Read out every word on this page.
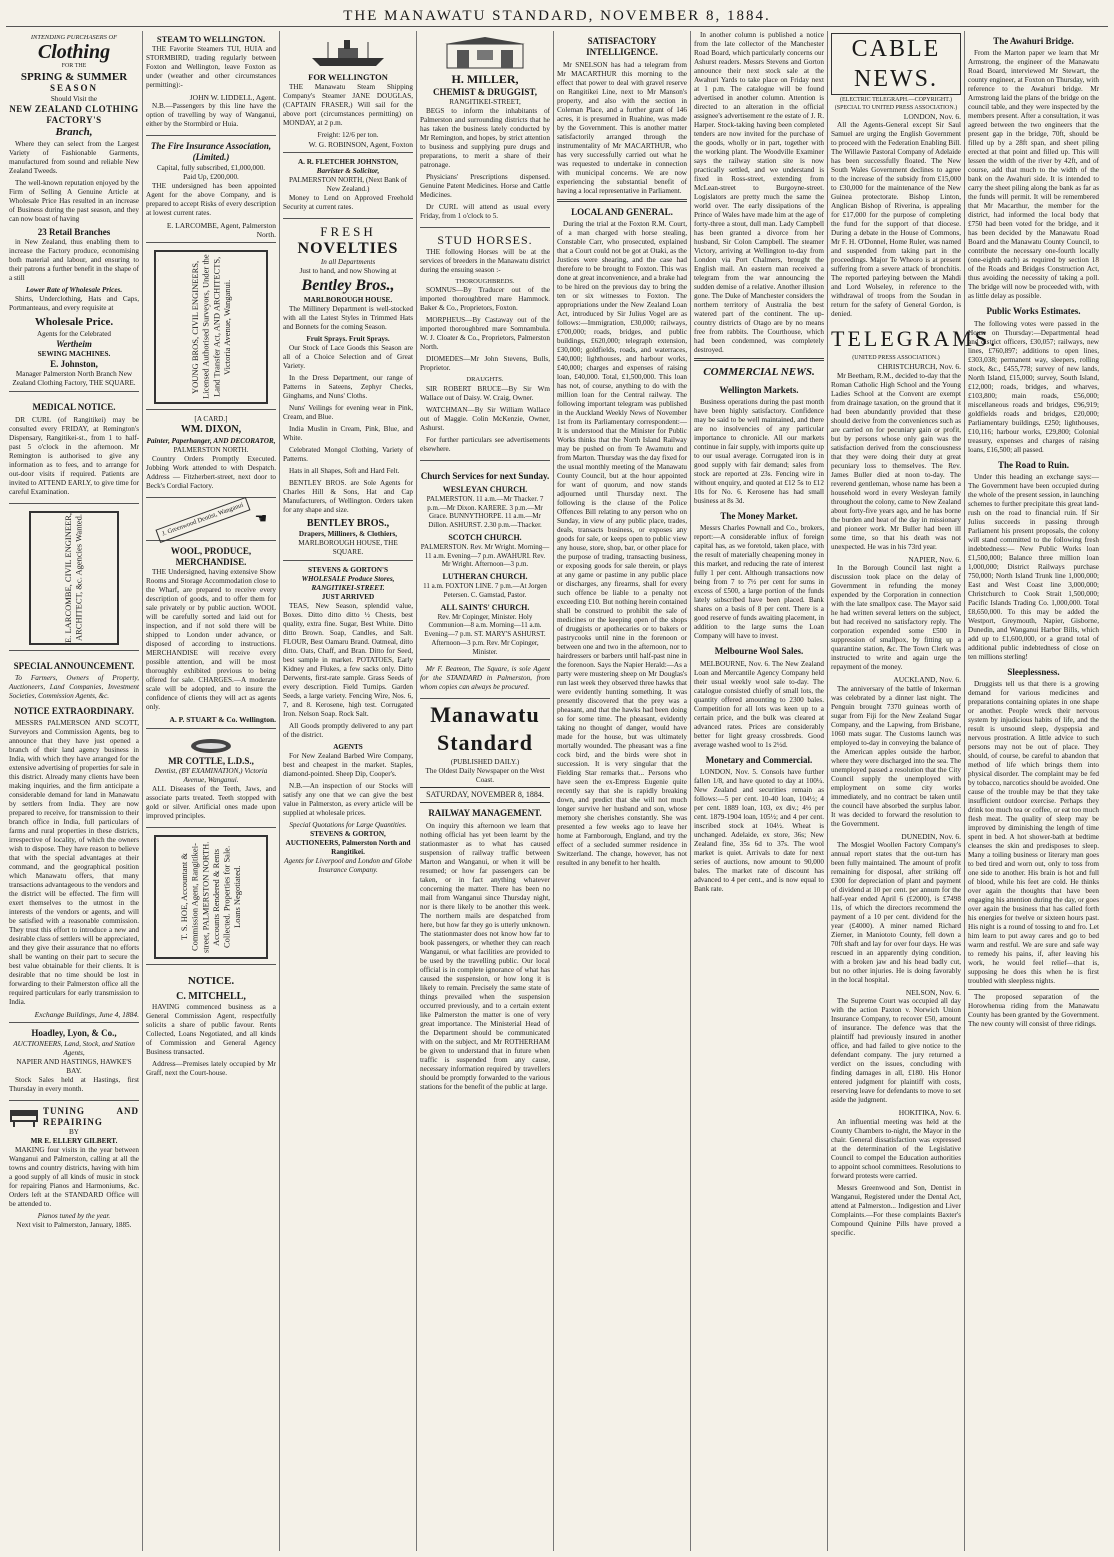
THE MANAWATU STANDARD, NOVEMBER 8, 1884.
INTENDING PURCHASERS OF
Clothing
FOR THE
SPRING & SUMMER
SEASON
Should Visit the
NEW ZEALAND CLOTHING FACTORY'S
Branch,

Where they can select from the Largest Variety of Fashionable Garments, manufactured from sound and reliable New Zealand Tweeds.

The well-known reputation enjoyed by the Firm of Selling A Genuine Article at Wholesale Price Has resulted in an increase of Business during the past season, and they can now boast of having

23 Retail Branches

in New Zealand, thus enabling them to increase the Factory produce, economising both material and labour, and ensuring to their patrons a further benefit in the shape of a still

Lower Rate of Wholesale Prices.

Shirts, Underclothing, Hats and Caps, Portmanteaus, and every requisite at

Wholesale Price.
Agents for the Celebrated
Wertheim
SEWING MACHINES.
E. Johnston,
Manager Palmerston North Branch New Zealand Clothing Factory, THE SQUARE.
MEDICAL NOTICE.

DR CURL (of Rangitikei) may be consulted every FRIDAY, at Remington's Dispensary, Rangitikei-st., from 1 to half-past 5 o'clock in the afternoon. Mr Remington is authorised to give any information as to fees, and to arrange for out-door visits if required. Patients are invited to ATTEND EARLY, to give time for careful Examination.

E. LARCOMBE, CIVIL ENGINEER, ARCHITECT, &c. Agencies Wanted.
SPECIAL ANNOUNCEMENT.

To Farmers, Owners of Property, Auctioneers, Land Companies, Investment Societies, Commission Agents, &c.

NOTICE EXTRAORDINARY.

MESSRS PALMERSON AND SCOTT, Surveyors and Commission Agents, beg to announce that they have just opened a branch of their land agency business in India, with which they have arranged for the extensive advertising of properties for sale in this district. Already many clients have been making inquiries, and the firm anticipate a considerable demand for land in Manawatu by settlers from India. They are now prepared to receive, for transmission to their branch office in India, full particulars of farms and rural properties in these districts, irrespective of locality, of which the owners wish to dispose. They have reason to believe that with the special advantages at their command, and the geographical position which Manawatu offers, that many transactions advantageous to the vendors and the district will be effected. The firm will exert themselves to the utmost in the interests of the vendors or agents, and will be satisfied with a reasonable commission. They trust this effort to introduce a new and desirable class of settlers will be appreciated, and they give their assurance that no efforts shall be wanting on their part to secure the best value obtainable for their clients. It is desirable that no time should be lost in forwarding to their Palmerston office all the required particulars for early transmission to India.

Exchange Buildings, June 4, 1884.
Hoadley, Lyon, & Co.,
AUCTIONEERS, Land, Stock, and Station Agents,
NAPIER AND HASTINGS, HAWKE'S BAY.

Stock Sales held at Hastings, first Thursday in every month.

TUNING AND REPAIRING
BY
MR E. ELLERY GILBERT.

MAKING four visits in the year between Wanganui and Palmerston, calling at all the towns and country districts, having with him a good supply of all kinds of music in stock for repairing Pianos and Harmoniums, &c. Orders left at the STANDARD Office will be attended to.

Pianos tuned by the year.
Next visit to Palmerston, January, 1885.
STEAM TO WELLINGTON.

THE Favorite Steamers TUI, HUIA and STORMBIRD, trading regularly between Foxton and Wellington, leave Foxton as under (weather and other circumstances permitting):-

JOHN W. LIDDELL, Agent.

N.B.—Passengers by this line have the option of travelling by way of Wanganui, either by the Stormbird or Huia.

The Fire Insurance Association, (Limited.)
Capital, fully subscribed, £1,000,000.
Paid Up, £200,000.

THE undersigned has been appointed Agent for the above Company, and is prepared to accept Risks of every description at lowest current rates.

E. LARCOMBE, Agent, Palmerston North.
YOUNG BROS, CIVIL ENGINEERS, Licensed Authorised Surveyors, Under the Land Transfer Act, AND ARCHITECTS, Victoria Avenue, Wanganui.
[A CARD.]
WM. DIXON,
Painter, Paperhanger, AND DECORATOR,
PALMERSTON NORTH.

Country Orders Promptly Executed. Jobbing Work attended to with Despatch. Address — Fitzherbert-street, next door to Beck's Cordial Factory.

J. Greenwood Dentist, Wanganui ☚
WOOL, PRODUCE, MERCHANDISE.

THE Undersigned, having extensive Show Rooms and Storage Accommodation close to the Wharf, are prepared to receive every description of goods, and to offer them for sale privately or by public auction. WOOL will be carefully sorted and laid out for inspection, and if not sold there will be shipped to London under advance, or disposed of according to instructions. MERCHANDISE will receive every possible attention, and will be most thoroughly exhibited previous to being offered for sale. CHARGES.—A moderate scale will be adopted, and to insure the confidence of clients they will act as agents only.

A. P. STUART & Co. Wellington.
MR COTTLE, L.D.S.,
Dentist, (BY EXAMINATION,) Victoria Avenue, Wanganui.

ALL Diseases of the Teeth, Jaws, and associate parts treated. Teeth stopped with gold or silver. Artificial ones made upon improved principles.

T. S. HOE, Accountant & Commission Agent, Rangitikei-street, PALMERSTON NORTH. Accounts Rendered & Rents Collected. Properties for Sale. Loans Negotiated.
NOTICE.
C. MITCHELL,

HAVING commenced business as a General Commission Agent, respectfully solicits a share of public favour. Rents Collected, Loans Negotiated, and all kinds of Commission and General Agency Business transacted.

Address—Premises lately occupied by Mr Graff, next the Court-house.

FOR WELLINGTON

THE Manawatu Steam Shipping Company's Steamer JANE DOUGLAS, (CAPTAIN FRASER,) Will sail for the above port (circumstances permitting) on MONDAY, at 2 p.m.

Freight: 12/6 per ton.
W. G. ROBINSON, Agent, Foxton
A. R. FLETCHER JOHNSTON,
Barrister & Solicitor,
PALMERSTON NORTH, (Next Bank of New Zealand.)

Money to Lend on Approved Freehold Security at current rates.

FRESH
NOVELTIES
In all Departments
Just to hand, and now Showing at
Bentley Bros.,
MARLBOROUGH HOUSE.

The Millinery Department is well-stocked with all the Latest Styles in Trimmed Hats and Bonnets for the coming Season.

Fruit Sprays. Fruit Sprays.

Our Stock of Lace Goods this Season are all of a Choice Selection and of Great Variety.

In the Dress Department, our range of Patterns in Sateens, Zephyr Checks, Ginghams, and Nuns' Cloths.

Nuns' Veilings for evening wear in Pink, Cream, and Blue.

India Muslin in Cream, Pink, Blue, and White.

Celebrated Mongol Clothing, Variety of Patterns.

Hats in all Shapes, Soft and Hard Felt.

BENTLEY BROS. are Sole Agents for Charles Hill & Sons, Hat and Cap Manufacturers, of Wellington. Orders taken for any shape and size.

BENTLEY BROS.,
Drapers, Milliners, & Clothiers,
MARLBOROUGH HOUSE, THE SQUARE.
STEVENS & GORTON'S
WHOLESALE Produce Stores, RANGITIKEI-STREET.
JUST ARRIVED

TEAS, New Season, splendid value, Boxes. Ditto ditto ditto ½ Chests, best quality, extra fine. Sugar, Best White. Ditto ditto Brown. Soap, Candles, and Salt. FLOUR, Best Oamaru Brand. Oatmeal, ditto ditto. Oats, Chaff, and Bran. Ditto for Seed, best sample in market. POTATOES, Early Kidney and Flukes, a few sacks only. Ditto Derwents, first-rate sample. Grass Seeds of every description. Field Turnips. Garden Seeds, a large variety. Fencing Wire, Nos. 6, 7, and 8. Kerosene, high test. Corrugated Iron. Nelson Soap. Rock Salt.

All Goods promptly delivered to any part of the district.

AGENTS

For New Zealand Barbed Wire Company, best and cheapest in the market. Staples, diamond-pointed. Sheep Dip, Cooper's.

N.B.—An inspection of our Stocks will satisfy any one that we can give the best value in Palmerston, as every article will be supplied at wholesale prices.

Special Quotations for Large Quantities.
STEVENS & GORTON, AUCTIONEERS, Palmerston North and Rangitikei.
Agents for Liverpool and London and Globe Insurance Company.
H. MILLER,
CHEMIST & DRUGGIST,
RANGITIKEI-STREET,

BEGS to inform the inhabitants of Palmerston and surrounding districts that he has taken the business lately conducted by Mr Remington, and hopes, by strict attention to business and supplying pure drugs and preparations, to merit a share of their patronage.

Physicians' Prescriptions dispensed. Genuine Patent Medicines. Horse and Cattle Medicines.

Dr CURL will attend as usual every Friday, from 1 o'clock to 5.

STUD HORSES.

THE following Horses will be at the services of breeders in the Manawatu district during the ensuing season :-

THOROUGHBREDS.

SOMNUS—By Traducer out of the imported thoroughbred mare Hammock. Baker & Co., Proprietors, Foxton.

MORPHEUS—By Castaway out of the imported thoroughbred mare Somnambula. W. J. Cloater & Co., Proprietors, Palmerston North.

DIOMEDES—Mr John Stevens, Bulls, Proprietor.

DRAUGHTS.

SIR ROBERT BRUCE—By Sir Wm Wallace out of Daisy. W. Craig, Owner.

WATCHMAN—By Sir William Wallace out of Maggie. Colin McKenzie, Owner, Ashurst.

For further particulars see advertisements elsewhere.

Church Services for next Sunday.
WESLEYAN CHURCH.
PALMERSTON. 11 a.m.—Mr Thacker. 7 p.m.—Mr Dixon. KARERE. 3 p.m.—Mr Grace. BUNNYTHORPE. 11 a.m.—Mr Dillon. ASHURST. 2.30 p.m.—Thacker.
SCOTCH CHURCH.
PALMERSTON. Rev. Mr Wright. Morning—11 a.m. Evening—7 p.m. AWAHURI. Rev. Mr Wright. Afternoon—3 p.m.
LUTHERAN CHURCH.
11 a.m. FOXTON LINE. 7 p.m.—At Jorgen Petersen. C. Gamstad, Pastor.
ALL SAINTS' CHURCH.
Rev. Mr Copinger, Minister. Holy Communion—8 a.m. Morning—11 a.m. Evening—7 p.m. ST. MARY'S ASHURST. Afternoon—3 p.m. Rev. Mr Copinger, Minister.

Mr F. Beamon, The Square, is sole Agent for the STANDARD in Palmerston, from whom copies can always be procured.

Manawatu Standard
(PUBLISHED DAILY.)
The Oldest Daily Newspaper on the West Coast.
SATURDAY, NOVEMBER 8, 1884.
RAILWAY MANAGEMENT.

On inquiry this afternoon we learn that nothing official has yet been learnt by the stationmaster as to what has caused suspension of railway traffic between Marton and Wanganui, or when it will be resumed; or how far passengers can be taken, or in fact anything whatever concerning the matter. There has been no mail from Wanganui since Thursday night, nor is there likely to be another this week. The northern mails are despatched from here, but how far they go is utterly unknown. The stationmaster does not know how far to book passengers, or whether they can reach Wanganui, or what facilities are provided to be used by the travelling public. Our local official is in complete ignorance of what has caused the suspension, or how long it is likely to remain. Precisely the same state of things prevailed when the suspension occurred previously, and to a certain extent like Palmerston the matter is one of very great importance. The Ministerial Head of the Department should be communicated with on the subject, and Mr ROTHERHAM be given to understand that in future when traffic is suspended from any cause, necessary information required by travellers should be promptly forwarded to the various stations for the benefit of the public at large.

SATISFACTORY INTELLIGENCE.

Mr SNELSON has had a telegram from Mr MACARTHUR this morning to the effect that power to deal with gravel reserve on Rangitikei Line, next to Mr Manson's property, and also with the section in Coleman Place, and a further grant of 146 acres, it is presumed in Ruahine, was made by the Government. This is another matter satisfactorily arranged through the instrumentality of Mr MACARTHUR, who has very successfully carried out what he was requested to undertake in connection with municipal concerns. We are now experiencing the substantial benefit of having a local representative in Parliament.

LOCAL AND GENERAL.

During the trial at the Foxton R.M. Court, of a man charged with horse stealing, Constable Carr, who prosecuted, explained that a Court could not be got at Otaki, as the Justices were shearing, and the case had therefore to be brought to Foxton. This was done at great inconvenience, and a brake had to be hired on the previous day to bring the ten or six witnesses to Foxton. The appropriations under the New Zealand Loan Act, introduced by Sir Julius Vogel are as follows:—Immigration, £30,000; railways, £700,000; roads, bridges, and public buildings, £620,000; telegraph extension, £30,000; goldfields, roads, and waterraces, £40,000; lighthouses, and harbour works, £40,000; charges and expenses of raising loan, £40,000. Total, £1,500,000. This loan has not, of course, anything to do with the million loan for the Central railway. The following important telegram was published in the Auckland Weekly News of November 1st from its Parliamentary correspondent:—It is understood that the Minister for Public Works thinks that the North Island Railway may be pushed on from Te Awamutu and from Marton. Thursday was the day fixed for the usual monthly meeting of the Manawatu County Council, but at the hour appointed for want of quorum, and now stands adjourned until Thursday next. The following is the clause of the Police Offences Bill relating to any person who on Sunday, in view of any public place, trades, deals, transacts business, or exposes any goods for sale, or keeps open to public view any house, store, shop, bar, or other place for the purpose of trading, transacting business, or exposing goods for sale therein, or plays at any game or pastime in any public place or discharges, any firearms, shall for every such offence be liable to a penalty not exceeding £10. But nothing herein contained shall be construed to prohibit the sale of medicines or the keeping open of the shops of druggists or apothecaries or to bakers or pastrycooks until nine in the forenoon or between one and two in the afternoon, nor to hairdressers or barbers until half-past nine in the forenoon. Says the Napier Herald:—As a party were mustering sheep on Mr Douglas's run last week they observed three hawks that were evidently hunting something. It was presently discovered that the prey was a pheasant, and that the hawks had been doing so for some time. The pheasant, evidently taking no thought of danger, would have made for the house, but was ultimately mortally wounded. The pheasant was a fine cock bird, and the birds were shot in succession. It is very singular that the Fielding Star remarks that... Persons who have seen the ex-Empress Eugenie quite recently say that she is rapidly breaking down, and predict that she will not much longer survive her husband and son, whose memory she cherishes constantly. She was presented a few weeks ago to leave her home at Farnborough, England, and try the effect of a secluded summer residence in Switzerland. The change, however, has not resulted in any benefit to her health.

In another column is published a notice from the late collector of the Manchester Road Board, which particularly concerns our Ashurst readers. Messrs Stevens and Gorton announce their next stock sale at the Awahuri Yards to take place on Friday next at 1 p.m. The catalogue will be found advertised in another column. Attention is directed to an alteration in the official assignee's advertisement re the estate of J. R. Harper. Stock-taking having been completed tenders are now invited for the purchase of the goods, wholly or in part, together with the working plant. The Woodville Examiner says the railway station site is now practically settled, and we understand is fixed in Ross-street, extending from McLean-street to Burgoyne-street. Logislators are pretty much the same the world over. The early dissipations of the Prince of Wales have made him at the age of forty-three a stout, dull man. Lady Campbell has been granted a divorce from her husband, Sir Colon Campbell. The steamer Victory, arriving at Wellington to-day from London via Port Chalmers, brought the English mail. An eastern man received a telegram from the war announcing the sudden demise of a relative. Another illusion gone. The Duke of Manchester considers the northern territory of Australia the best watered part of the continent. The up-country districts of Otago are by no means free from rabbits. The Courthouse, which had been condemned, was completely destroyed.

COMMERCIAL NEWS.
Wellington Markets.

Business operations during the past month have been highly satisfactory. Confidence may be said to be well maintained, and there are no insolvencies of any particular importance to chronicle. All our markets continue in fair supply, with imports quite up to our usual average. Corrugated iron is in good supply with fair demand; sales from stock are reported at 23s. Fencing wire in without enquiry, and quoted at £12 5s to £12 10s for No. 6. Kerosene has had small business at 8s 3d.

The Money Market.

Messrs Charles Pownall and Co., brokers, report:—A considerable influx of foreign capital has, as we foretold, taken place, with the result of materially cheapening money in this market, and reducing the rate of interest fully 1 per cent. Although transactions now being from 7 to 7½ per cent for sums in excess of £500, a large portion of the funds lately subscribed have been placed. Bank shares on a basis of 8 per cent. There is a good reserve of funds awaiting placement, in addition to the large sums the Loan Company will have to invest.

Melbourne Wool Sales.

MELBOURNE, Nov. 6. The New Zealand Loan and Mercantile Agency Company held their usual weekly wool sale to-day. The catalogue consisted chiefly of small lots, the quantity offered amounting to 2300 bales. Competition for all lots was keen up to a certain price, and the bulk was cleared at advanced rates. Prices are considerably better for light greasy crossbreds. Good average washed wool to 1s 2½d.

Monetary and Commercial.

LONDON, Nov. 5. Consols have further fallen 1/8, and have quoted to day at 100¼. New Zealand and securities remain as follows:—5 per cent. 10-40 loan, 104½; 4 per cent. 1889 loan, 103, ex div.; 4½ per cent. 1879-1904 loan, 105½; and 4 per cent. inscribed stock at 104½. Wheat is unchanged. Adelaide, ex store, 36s; New Zealand fine, 35s 6d to 37s. The wool market is quiet. Arrivals to date for next series of auctions, now amount to 90,000 bales. The market rate of discount has advanced to 4 per cent., and is now equal to Bank rate.

CABLE NEWS.
(ELECTRIC TELEGRAPH.—COPYRIGHT.) (SPECIAL TO UNITED PRESS ASSOCIATION.)
LONDON, Nov. 6.

All the Agents-General except Sir Saul Samuel are urging the English Government to proceed with the Federation Enabling Bill. The Willawie Pastoral Company of Adelaide has been successfully floated. The New South Wales Government declines to agree to the increase of the subsidy from £15,000 to £30,000 for the maintenance of the New Guinea protectorate. Bishop Linton, Anglican Bishop of Riverina, is appealing for £17,000 for the purpose of completing the fund for the support of that diocese. During a debate in the House of Commons, Mr F. H. O'Donnel, Home Ruler, was named and suspended from taking part in the proceedings. Major Te Wheoro is at present suffering from a severe attack of bronchitis. The reported parleying between the Mahdi and Lord Wolseley, in reference to the withdrawal of troops from the Soudan in return for the safety of General Gordon, is denied.

TELEGRAMS.
(UNITED PRESS ASSOCIATION.)
CHRISTCHURCH, Nov. 6.

Mr Beetham, R.M., decided to-day that the Roman Catholic High School and the Young Ladies School at the Convent are exempt from drainage taxation, on the ground that it had been abundantly provided that these should derive from the conveniences such as are carried on for pecuniary gain or profit, but by persons whose only gain was the satisfaction derived from the consciousness that they were doing their duty at great pecuniary loss to themselves. The Rev. James Buller died at noon to-day. The reverend gentleman, whose name has been a household word in every Wesleyan family throughout the colony, came to New Zealand about forty-five years ago, and he has borne the burden and heat of the day in missionary and pioneer work. Mr Buller had been ill some time, so that his death was not unexpected. He was in his 73rd year.

NAPIER, Nov. 6.

In the Borough Council last night a discussion took place on the delay of Government in refunding the money expended by the Corporation in connection with the late smallpox case. The Mayor said he had written several letters on the subject, but had received no satisfactory reply. The corporation expended some £500 in suppression of smallpox, by fitting up a quarantine station, &c. The Town Clerk was instructed to write and again urge the repayment of the money.

AUCKLAND, Nov. 6.

The anniversary of the battle of Inkerman was celebrated by a dinner last night. The Penguin brought 7370 guineas worth of sugar from Fiji for the New Zealand Sugar Company, and the Lapwing, from Brisbane, 1060 mats sugar. The Customs launch was employed to-day in conveying the balance of the American apples outside the harbor, where they were discharged into the sea. The unemployed passed a resolution that the City Council supply the unemployed with employment on some city works immediately, and no contract be taken until the council have absorbed the surplus labor. It was decided to forward the resolution to the Government.

DUNEDIN, Nov. 6.

The Mosgiel Woollen Factory Company's annual report states that the out-turn has been fully maintained. The amount of profit remaining for disposal, after striking off £300 for depreciation of plant and payment of dividend at 10 per cent. per annum for the half-year ended April 6 (£2000), is £7498 11s, of which the directors recommend the payment of a 10 per cent. dividend for the year (£4000). A miner named Richard Zierner, in Maniototo County, fell down a 70ft shaft and lay for over four days. He was rescued in an apparently dying condition, with a broken jaw and his head badly cut, but no other injuries. He is doing favorably in the local hospital.

NELSON, Nov. 6.

The Supreme Court was occupied all day with the action Paxton v. Norwich Union Insurance Company, to recover £50, amount of insurance. The defence was that the plaintiff had previously insured in another office, and had failed to give notice to the defendant company. The jury returned a verdict on the issues, concluding with finding damages in all, £180. His Honor entered judgment for plaintiff with costs, reserving leave for defendants to move to set aside the judgment.

HOKITIKA, Nov. 6.

An influential meeting was held at the County Chambers to-night, the Mayor in the chair. General dissatisfaction was expressed at the determination of the Legislative Council to compel the Education authorities to appoint school committees. Resolutions to forward protests were carried.

Messrs Greenwood and Son, Dentist in Wanganui, Registered under the Dental Act, attend at Palmerston... Indigestion and Liver Complaints.—For these complaints Baxter's Compound Quinine Pills have proved a specific.

The Awahuri Bridge.

From the Marton paper we learn that Mr Armstrong, the engineer of the Manawatu Road Board, interviewed Mr Stewart, the county engineer, at Foxton on Thursday, with reference to the Awahuri bridge. Mr Armstrong laid the plans of the bridge on the council table, and they were inspected by the members present. After a consultation, it was agreed between the two engineers that the present gap in the bridge, 70ft, should be filled up by a 28ft span, and sheet piling erected at that point and filled up. This will lessen the width of the river by 42ft, and of course, add that much to the width of the bank on the Awahuri side. It is intended to carry the sheet piling along the bank as far as the funds will permit. It will be remembered that Mr Macarthur, the member for the district, had informed the local body that £750 had been voted for the bridge, and it has been decided by the Manawatu Road Board and the Manawatu County Council, to contribute the necessary one-fourth locally (one-eighth each) as required by section 18 of the Roads and Bridges Construction Act, thus avoiding the necessity of taking a poll. The bridge will now be proceeded with, with as little delay as possible.

Public Works Estimates.

The following votes were passed in the House on Thursday:—Departmental head and district officers, £30,057; railways, new lines, £760,897; additions to open lines, £303,038; permanent way, sleepers, rolling stock, &c., £455,778; survey of new lands, North Island, £15,000; survey, South Island, £12,000; roads, bridges, and wharves, £103,800; main roads, £56,000; miscellaneous roads and bridges, £96,919; goldfields roads and bridges, £20,000; Parliamentary buildings, £250; lighthouses, £10,116; harbour works, £29,800; Colonial treasury, expenses and charges of raising loans, £16,500; all passed.

The Road to Ruin.

Under this heading an exchange says:—The Government have been occupied during the whole of the present session, in launching schemes to further precipitate this great land-rush on the road to financial ruin. If Sir Julius succeeds in passing through Parliament his present proposals, the colony will stand committed to the following fresh indebtedness:— New Public Works loan £1,500,000; Balance three million loan 1,000,000; District Railways purchase 750,000; North Island Trunk line 1,000,000; East and West Coast line 3,000,000; Christchurch to Cook Strait 1,500,000; Pacific Islands Trading Co. 1,000,000. Total £8,650,000. To this may be added the Westport, Greymouth, Napier, Gisborne, Dunedin, and Wanganui Harbor Bills, which add up to £1,600,000, or a grand total of additional public indebtedness of close on ten millions sterling!

Sleeplessness.

Druggists tell us that there is a growing demand for various medicines and preparations containing opiates in one shape or another. People wreck their nervous system by injudicious habits of life, and the result is unsound sleep, dyspepsia and nervous prostration. A little advice to such persons may not be out of place. They should, of course, be careful to abandon that method of life which brings them into physical disorder. The complaint may be fed by tobacco, narcotics should be avoided. One cause of the trouble may be that they take insufficient outdoor exercise. Perhaps they drink too much tea or coffee, or eat too much flesh meat. The quality of sleep may be improved by diminishing the length of time spent in bed. A hot shower-bath at bedtime cleanses the skin and predisposes to sleep. Many a toiling business or literary man goes to bed tired and worn out, only to toss from one side to another. His brain is hot and full of blood, while his feet are cold. He thinks over again the thoughts that have been engaging his attention during the day, or goes over again the business that has called forth his energies for twelve or sixteen hours past. His night is a round of tossing to and fro. Let him learn to put away cares and go to bed warm and restful. We are sure and safe way to remedy his pains, if, after leaving his work, he would feel relief—that is, supposing he does this when he is first troubled with sleepless nights.

The proposed separation of the Horowhenua riding from the Manawatu County has been granted by the Government. The new county will consist of three ridings.
